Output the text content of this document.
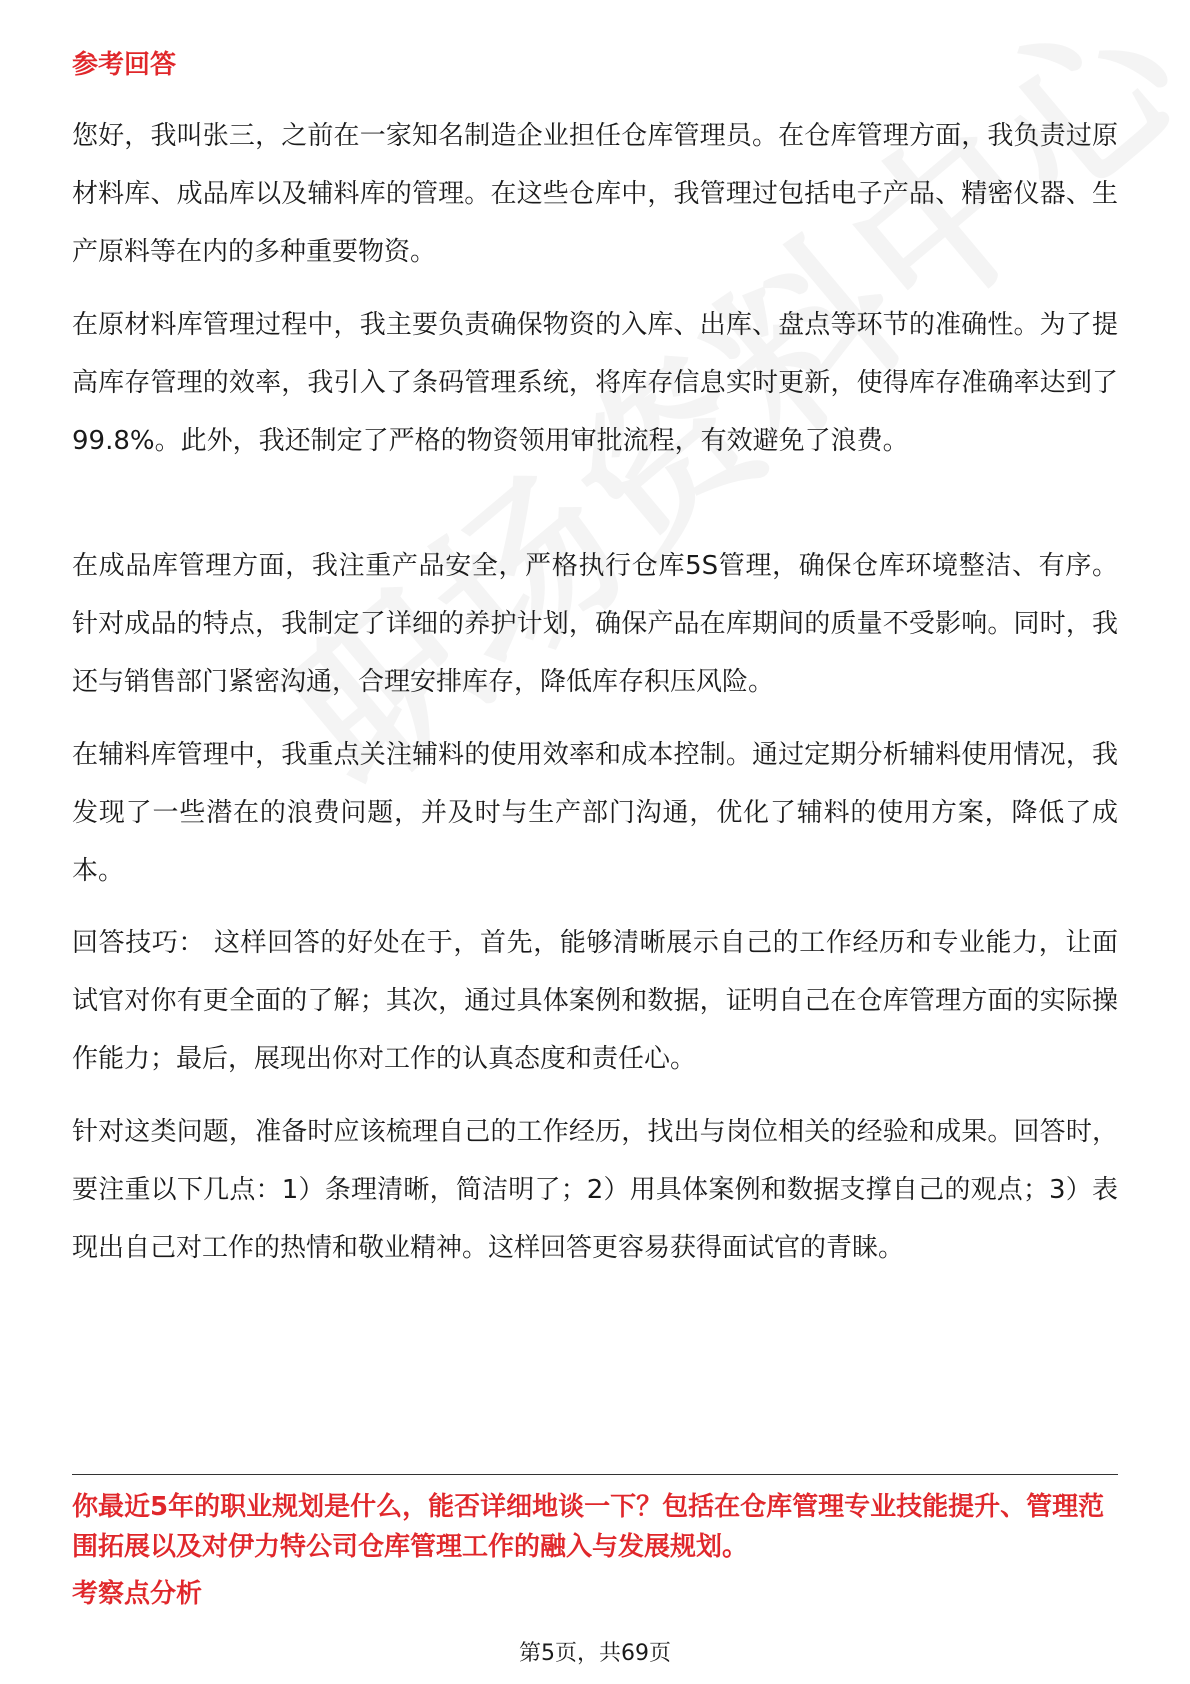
参考回答

您好，我叫张三，之前在一家知名制造企业担任仓库管理员。在仓库管理方面，我负责过原材料库、成品库以及辅料库的管理。在这些仓库中，我管理过包括电子产品、精密仪器、生产原料等在内的多种重要物资。

在原材料库管理过程中，我主要负责确保物资的入库、出库、盘点等环节的准确性。为了提高库存管理的效率，我引入了条码管理系统，将库存信息实时更新，使得库存准确率达到了99.8%。此外，我还制定了严格的物资领用审批流程，有效避免了浪费。

在成品库管理方面，我注重产品安全，严格执行仓库5S管理，确保仓库环境整洁、有序。针对成品的特点，我制定了详细的养护计划，确保产品在库期间的质量不受影响。同时，我还与销售部门紧密沟通，合理安排库存，降低库存积压风险。

在辅料库管理中，我重点关注辅料的使用效率和成本控制。通过定期分析辅料使用情况，我发现了一些潜在的浪费问题，并及时与生产部门沟通，优化了辅料的使用方案，降低了成本。

回答技巧： 这样回答的好处在于，首先，能够清晰展示自己的工作经历和专业能力，让面试官对你有更全面的了解；其次，通过具体案例和数据，证明自己在仓库管理方面的实际操作能力；最后，展现出你对工作的认真态度和责任心。

针对这类问题，准备时应该梳理自己的工作经历，找出与岗位相关的经验和成果。回答时，要注重以下几点：1）条理清晰，简洁明了；2）用具体案例和数据支撑自己的观点；3）表现出自己对工作的热情和敬业精神。这样回答更容易获得面试官的青睐。

你最近5年的职业规划是什么，能否详细地谈一下？包括在仓库管理专业技能提升、管理范围拓展以及对伊力特公司仓库管理工作的融入与发展规划。

考察点分析
第5页，共69页
